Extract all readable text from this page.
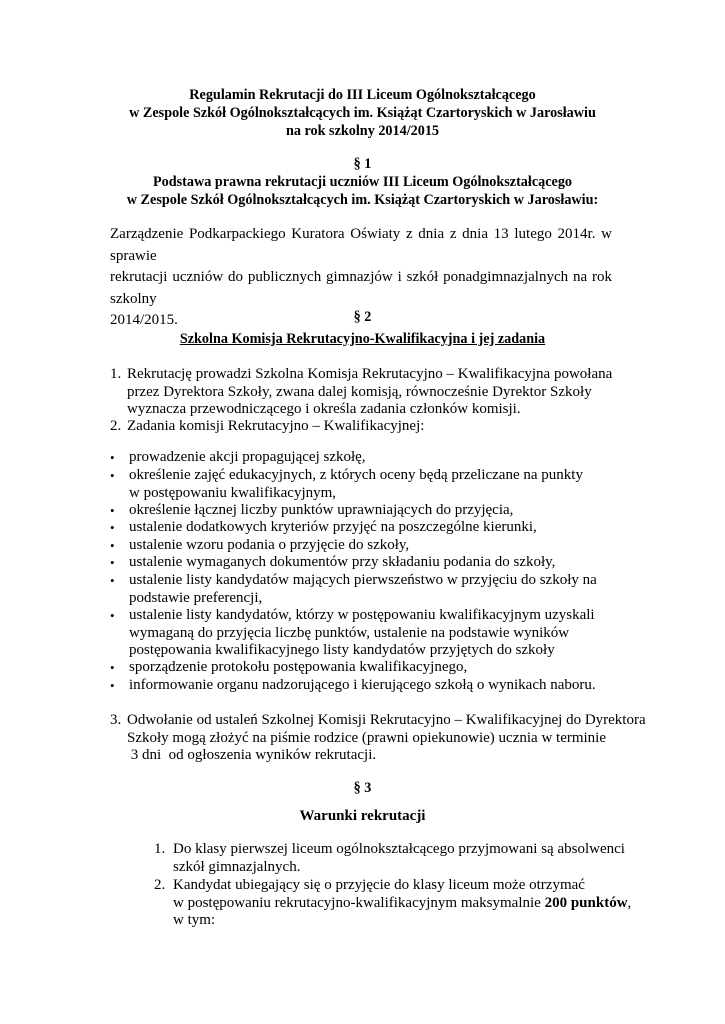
Regulamin Rekrutacji do III Liceum Ogólnokształcącego
w Zespole Szkół Ogólnokształcących im. Książąt Czartoryskich w Jarosławiu
na rok szkolny 2014/2015
§ 1
Podstawa prawna rekrutacji uczniów III Liceum Ogólnokształcącego
w Zespole Szkół Ogólnokształcących im. Książąt Czartoryskich w Jarosławiu:
Zarządzenie Podkarpackiego Kuratora Oświaty z dnia z dnia 13 lutego 2014r. w sprawie
rekrutacji uczniów do publicznych gimnazjów i szkół ponadgimnazjalnych na rok szkolny
2014/2015.	§ 2
Szkolna Komisja Rekrutacyjno-Kwalifikacyjna i jej zadania
1. Rekrutację prowadzi Szkolna Komisja Rekrutacyjno – Kwalifikacyjna powołana
przez Dyrektora Szkoły, zwana dalej komisją, równocześnie Dyrektor Szkoły
wyznacza przewodniczącego i określa zadania członków komisji.
2. Zadania komisji Rekrutacyjno – Kwalifikacyjnej:
• prowadzenie akcji propagującej szkołę,
• określenie zajęć edukacyjnych, z których oceny będą przeliczane na punkty
w postępowaniu kwalifikacyjnym,
• określenie łącznej liczby punktów uprawniających do przyjęcia,
• ustalenie dodatkowych kryteriów przyjęć na poszczególne kierunki,
• ustalenie wzoru podania o przyjęcie do szkoły,
• ustalenie wymaganych dokumentów przy składaniu podania do szkoły,
• ustalenie listy kandydatów mających pierwszeństwo w przyjęciu do szkoły na
podstawie preferencji,
• ustalenie listy kandydatów, którzy w postępowaniu kwalifikacyjnym uzyskali
wymaganą do przyjęcia liczbę punktów, ustalenie na podstawie wyników
postępowania kwalifikacyjnego listy kandydatów przyjętych do szkoły
• sporządzenie protokołu postępowania kwalifikacyjnego,
• informowanie organu nadzorującego i kierującego szkołą o wynikach naboru.
3. Odwołanie od ustaleń Szkolnej Komisji Rekrutacyjno – Kwalifikacyjnej do Dyrektora
Szkoły mogą złożyć na piśmie rodzice (prawni opiekunowie) ucznia w terminie
3 dni  od ogłoszenia wyników rekrutacji.
§ 3
Warunki rekrutacji
1. Do klasy pierwszej liceum ogólnokształcącego przyjmowani są absolwenci
szkół gimnazjalnych.
2. Kandydat ubiegający się o przyjęcie do klasy liceum może otrzymać
w postępowaniu rekrutacyjno-kwalifikacyjnym maksymalnie 200 punktów,
w tym:
